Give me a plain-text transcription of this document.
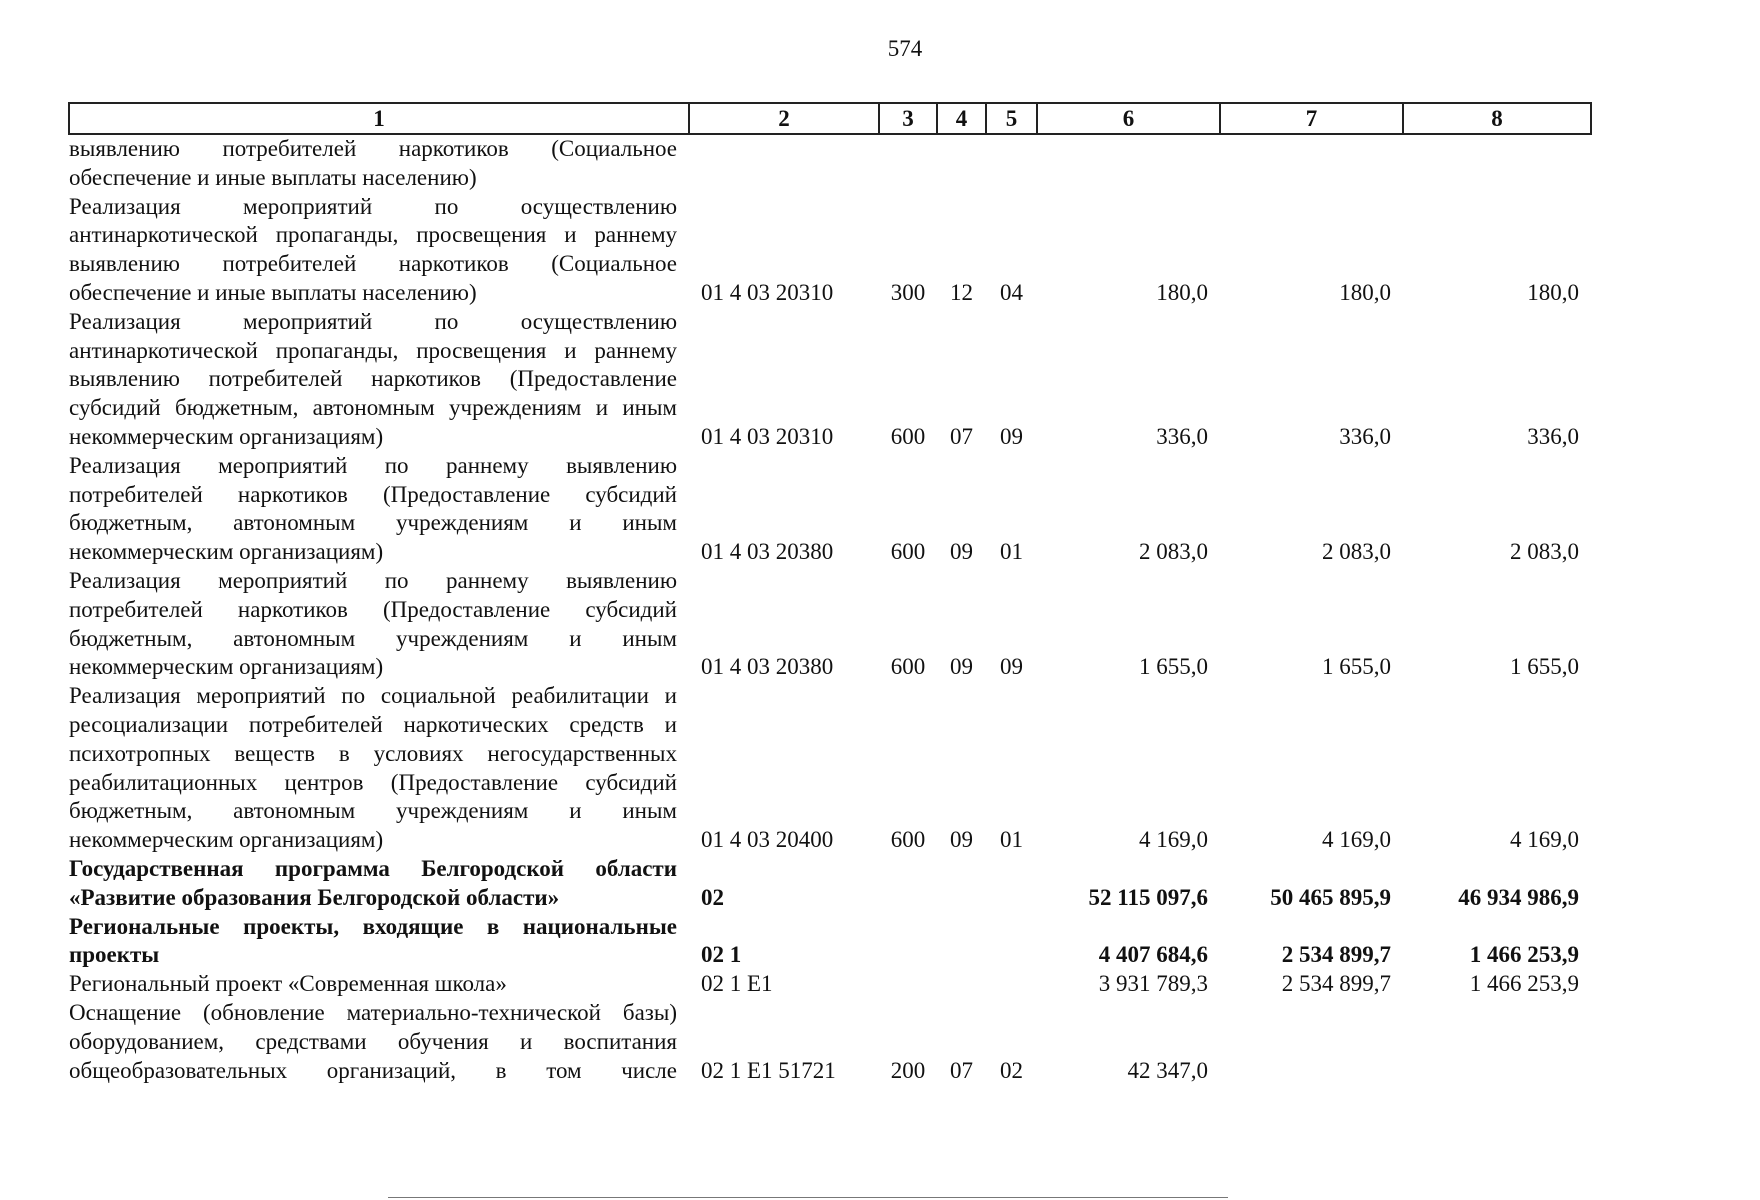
574
1	2	3	4	5	6	7	8
выявлению потребителей наркотиков (Социальное обеспечение и иные выплаты населению)							
Реализация мероприятий по осуществлению антинаркотической пропаганды, просвещения и раннему выявлению потребителей наркотиков (Социальное обеспечение и иные выплаты населению)	01 4 03 20310	300	12	04	180,0	180,0	180,0
Реализация мероприятий по осуществлению антинаркотической пропаганды, просвещения и раннему выявлению потребителей наркотиков (Предоставление субсидий бюджетным, автономным учреждениям и иным некоммерческим организациям)	01 4 03 20310	600	07	09	336,0	336,0	336,0
Реализация мероприятий по раннему выявлению потребителей наркотиков (Предоставление субсидий бюджетным, автономным учреждениям и иным некоммерческим организациям)	01 4 03 20380	600	09	01	2 083,0	2 083,0	2 083,0
Реализация мероприятий по раннему выявлению потребителей наркотиков (Предоставление субсидий бюджетным, автономным учреждениям и иным некоммерческим организациям)	01 4 03 20380	600	09	09	1 655,0	1 655,0	1 655,0
Реализация мероприятий по социальной реабилитации и ресоциализации потребителей наркотических средств и психотропных веществ в условиях негосударственных реабилитационных центров (Предоставление субсидий бюджетным, автономным учреждениям и иным некоммерческим организациям)	01 4 03 20400	600	09	01	4 169,0	4 169,0	4 169,0
Государственная программа Белгородской области «Развитие образования Белгородской области»	02				52 115 097,6	50 465 895,9	46 934 986,9
Региональные проекты, входящие в национальные проекты	02 1				4 407 684,6	2 534 899,7	1 466 253,9
Региональный проект «Современная школа»	02 1 E1				3 931 789,3	2 534 899,7	1 466 253,9
Оснащение (обновление материально-технической базы) оборудованием, средствами обучения и воспитания общеобразовательных организаций, в том числе	02 1 E1 51721	200	07	02	42 347,0		
